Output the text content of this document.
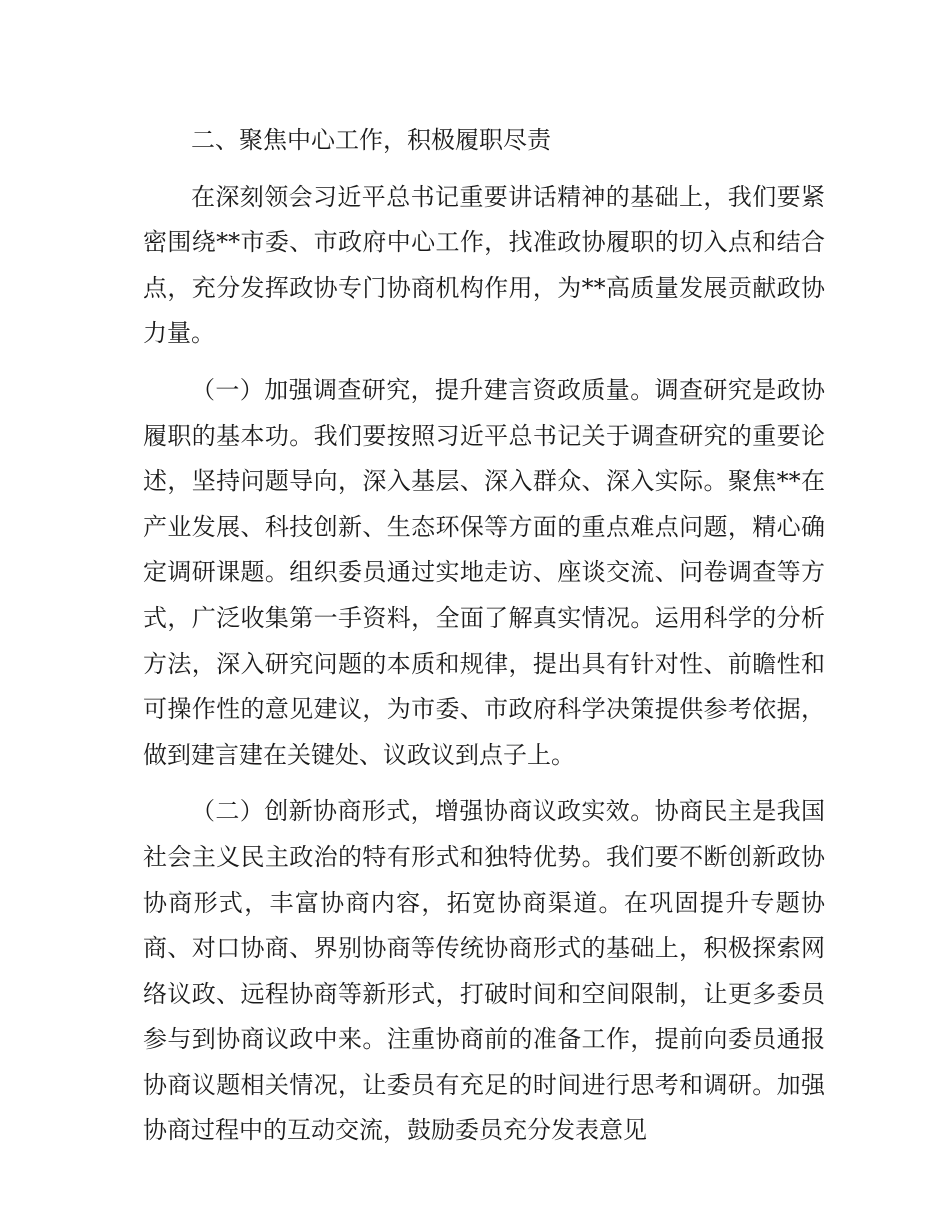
二、聚焦中心工作，积极履职尽责

在深刻领会习近平总书记重要讲话精神的基础上，我们要紧密围绕**市委、市政府中心工作，找准政协履职的切入点和结合点，充分发挥政协专门协商机构作用，为**高质量发展贡献政协力量。

（一）加强调查研究，提升建言资政质量。调查研究是政协履职的基本功。我们要按照习近平总书记关于调查研究的重要论述，坚持问题导向，深入基层、深入群众、深入实际。聚焦**在产业发展、科技创新、生态环保等方面的重点难点问题，精心确定调研课题。组织委员通过实地走访、座谈交流、问卷调查等方式，广泛收集第一手资料，全面了解真实情况。运用科学的分析方法，深入研究问题的本质和规律，提出具有针对性、前瞻性和可操作性的意见建议，为市委、市政府科学决策提供参考依据，做到建言建在关键处、议政议到点子上。

（二）创新协商形式，增强协商议政实效。协商民主是我国社会主义民主政治的特有形式和独特优势。我们要不断创新政协协商形式，丰富协商内容，拓宽协商渠道。在巩固提升专题协商、对口协商、界别协商等传统协商形式的基础上，积极探索网络议政、远程协商等新形式，打破时间和空间限制，让更多委员参与到协商议政中来。注重协商前的准备工作，提前向委员通报协商议题相关情况，让委员有充足的时间进行思考和调研。加强协商过程中的互动交流，鼓励委员充分发表意见
